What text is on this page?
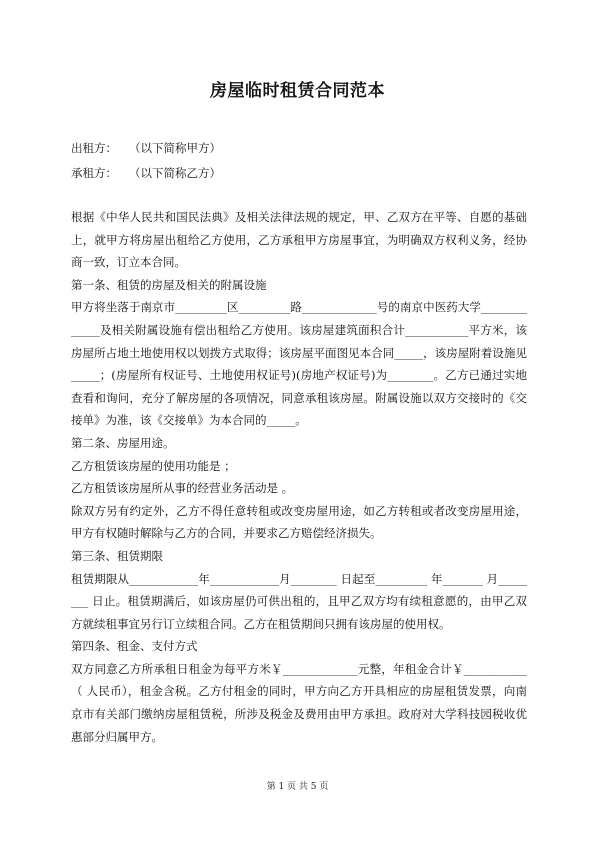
房屋临时租赁合同范本
出租方： （以下简称甲方）
承租方： （以下简称乙方）

根据《中华人民共和国民法典》及相关法律法规的规定，甲、乙双方在平等、自愿的基础上，就甲方将房屋出租给乙方使用，乙方承租甲方房屋事宜，为明确双方权利义务，经协商一致，订立本合同。

第一条、租赁的房屋及相关的附属设施

甲方将坐落于南京市_________区_________路_____________号的南京中医药大学_____________及相关附属设施有偿出租给乙方使用。该房屋建筑面积合计___________平方米，该房屋所占地土地使用权以划拨方式取得；该房屋平面图见本合同_____，该房屋附着设施见_____；(房屋所有权证号、土地使用权证号)(房地产权证号)为________。乙方已通过实地查看和询问，充分了解房屋的各项情况，同意承租该房屋。附属设施以双方交接时的《交接单》为准，该《交接单》为本合同的_____。

第二条、房屋用途。

乙方租赁该房屋的使用功能是 ；

乙方租赁该房屋所从事的经营业务活动是 。

除双方另有约定外，乙方不得任意转租或改变房屋用途，如乙方转租或者改变房屋用途，甲方有权随时解除与乙方的合同，并要求乙方赔偿经济损失。

第三条、租赁期限

租赁期限从____________年____________月________ 日起至_________ 年_______ 月________ 日止。租赁期满后，如该房屋仍可供出租的，且甲乙双方均有续租意愿的，由甲乙双方就续租事宜另行订立续租合同。乙方在租赁期间只拥有该房屋的使用权。

第四条、租金、支付方式

双方同意乙方所承租日租金为每平方米￥_____________元整，年租金合计￥___________（ 人民币），租金含税。乙方付租金的同时，甲方向乙方开具相应的房屋租赁发票，向南京市有关部门缴纳房屋租赁税，所涉及税金及费用由甲方承担。政府对大学科技园税收优惠部分归属甲方。

第 1 页 共 5 页
